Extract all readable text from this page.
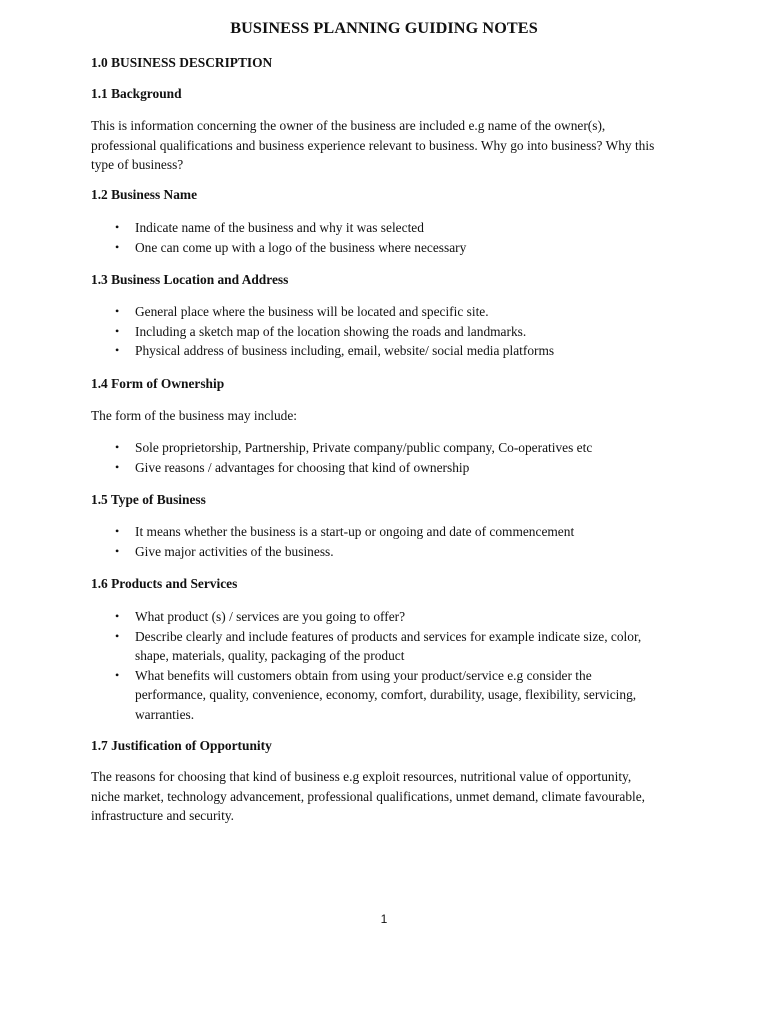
BUSINESS PLANNING GUIDING NOTES
1.0 BUSINESS DESCRIPTION
1.1 Background

This is information concerning the owner of the business are included e.g name of the owner(s),
professional qualifications and business experience relevant to business. Why go into business? Why this
type of business?

1.2 Business Name
• Indicate name of the business and why it was selected
• One can come up with a logo of the business where necessary
1.3 Business Location and Address
• General place where the business will be located and specific site.
• Including a sketch map of the location showing the roads and landmarks.
• Physical address of business including, email, website/ social media platforms
1.4 Form of Ownership

The form of the business may include:

• Sole proprietorship, Partnership, Private company/public company, Co-operatives etc
• Give reasons / advantages for choosing that kind of ownership
1.5 Type of Business
• It means whether the business is a start-up or ongoing and date of commencement
• Give major activities of the business.
1.6 Products and Services
• What product (s) / services are you going to offer?
• Describe clearly and include features of products and services for example indicate size, color,
shape, materials, quality, packaging of the product
• What benefits will customers obtain from using your product/service e.g consider the
performance, quality, convenience, economy, comfort, durability, usage, flexibility, servicing,
warranties.
1.7 Justification of Opportunity

The reasons for choosing that kind of business e.g exploit resources, nutritional value of opportunity,
niche market, technology advancement, professional qualifications, unmet demand, climate favourable,
infrastructure and security.

1
